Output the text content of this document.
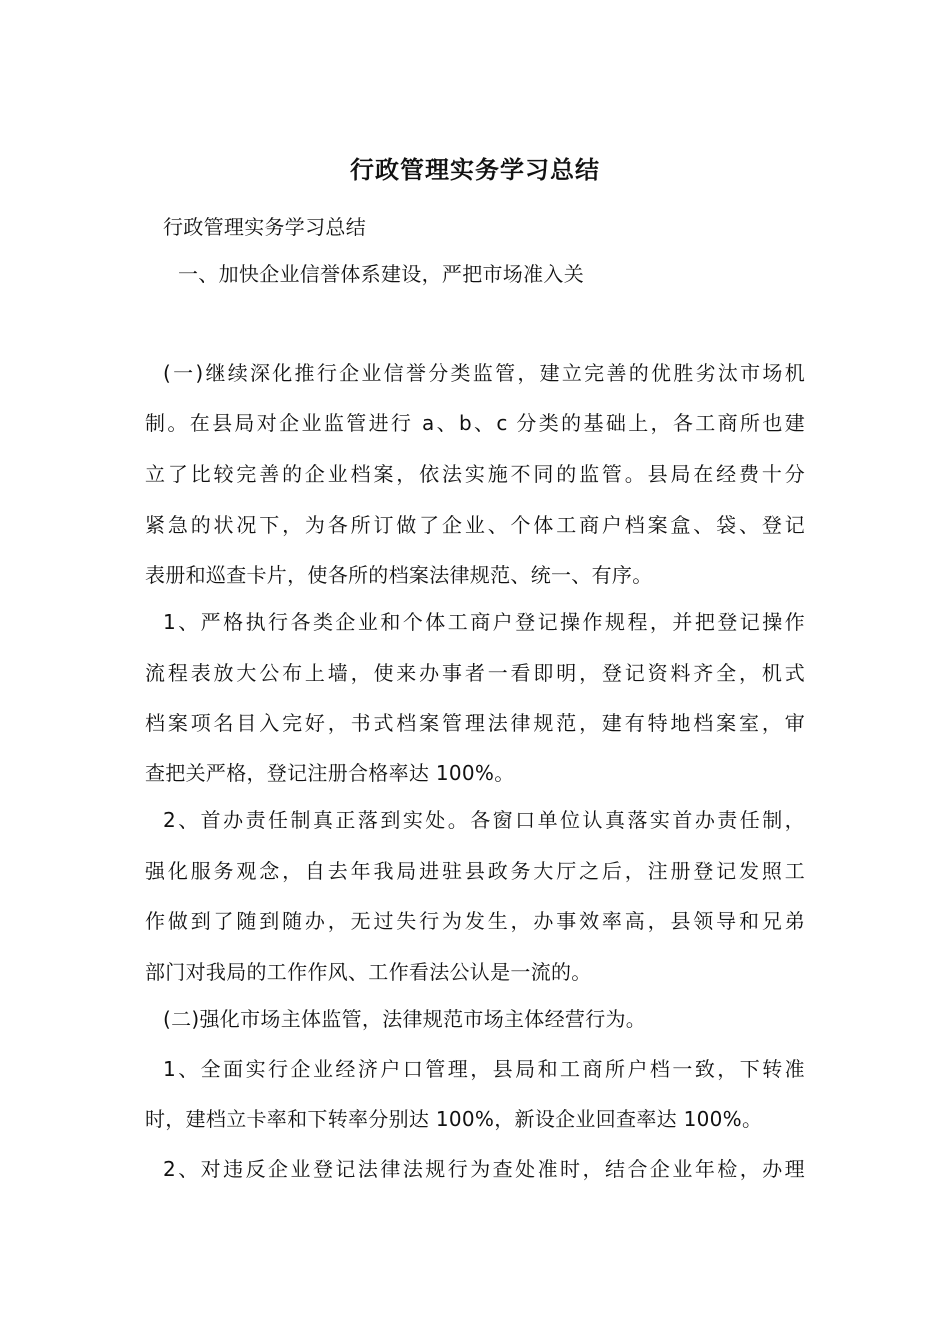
行政管理实务学习总结
行政管理实务学习总结
一、加快企业信誉体系建设，严把市场准入关
(一)继续深化推行企业信誉分类监管，建立完善的优胜劣汰市场机
制。在县局对企业监管进行 a、b、c 分类的基础上，各工商所也建
立了比较完善的企业档案，依法实施不同的监管。县局在经费十分
紧急的状况下，为各所订做了企业、个体工商户档案盒、袋、登记
表册和巡查卡片，使各所的档案法律规范、统一、有序。
1、严格执行各类企业和个体工商户登记操作规程，并把登记操作
流程表放大公布上墙，使来办事者一看即明，登记资料齐全，机式
档案项名目入完好，书式档案管理法律规范，建有特地档案室，审
查把关严格，登记注册合格率达 100%。
2、首办责任制真正落到实处。各窗口单位认真落实首办责任制，
强化服务观念，自去年我局进驻县政务大厅之后，注册登记发照工
作做到了随到随办，无过失行为发生，办事效率高，县领导和兄弟
部门对我局的工作作风、工作看法公认是一流的。
(二)强化市场主体监管，法律规范市场主体经营行为。
1、全面实行企业经济户口管理，县局和工商所户档一致，下转准
时，建档立卡率和下转率分别达 100%，新设企业回查率达 100%。
2、对违反企业登记法律法规行为查处准时，结合企业年检，办理
